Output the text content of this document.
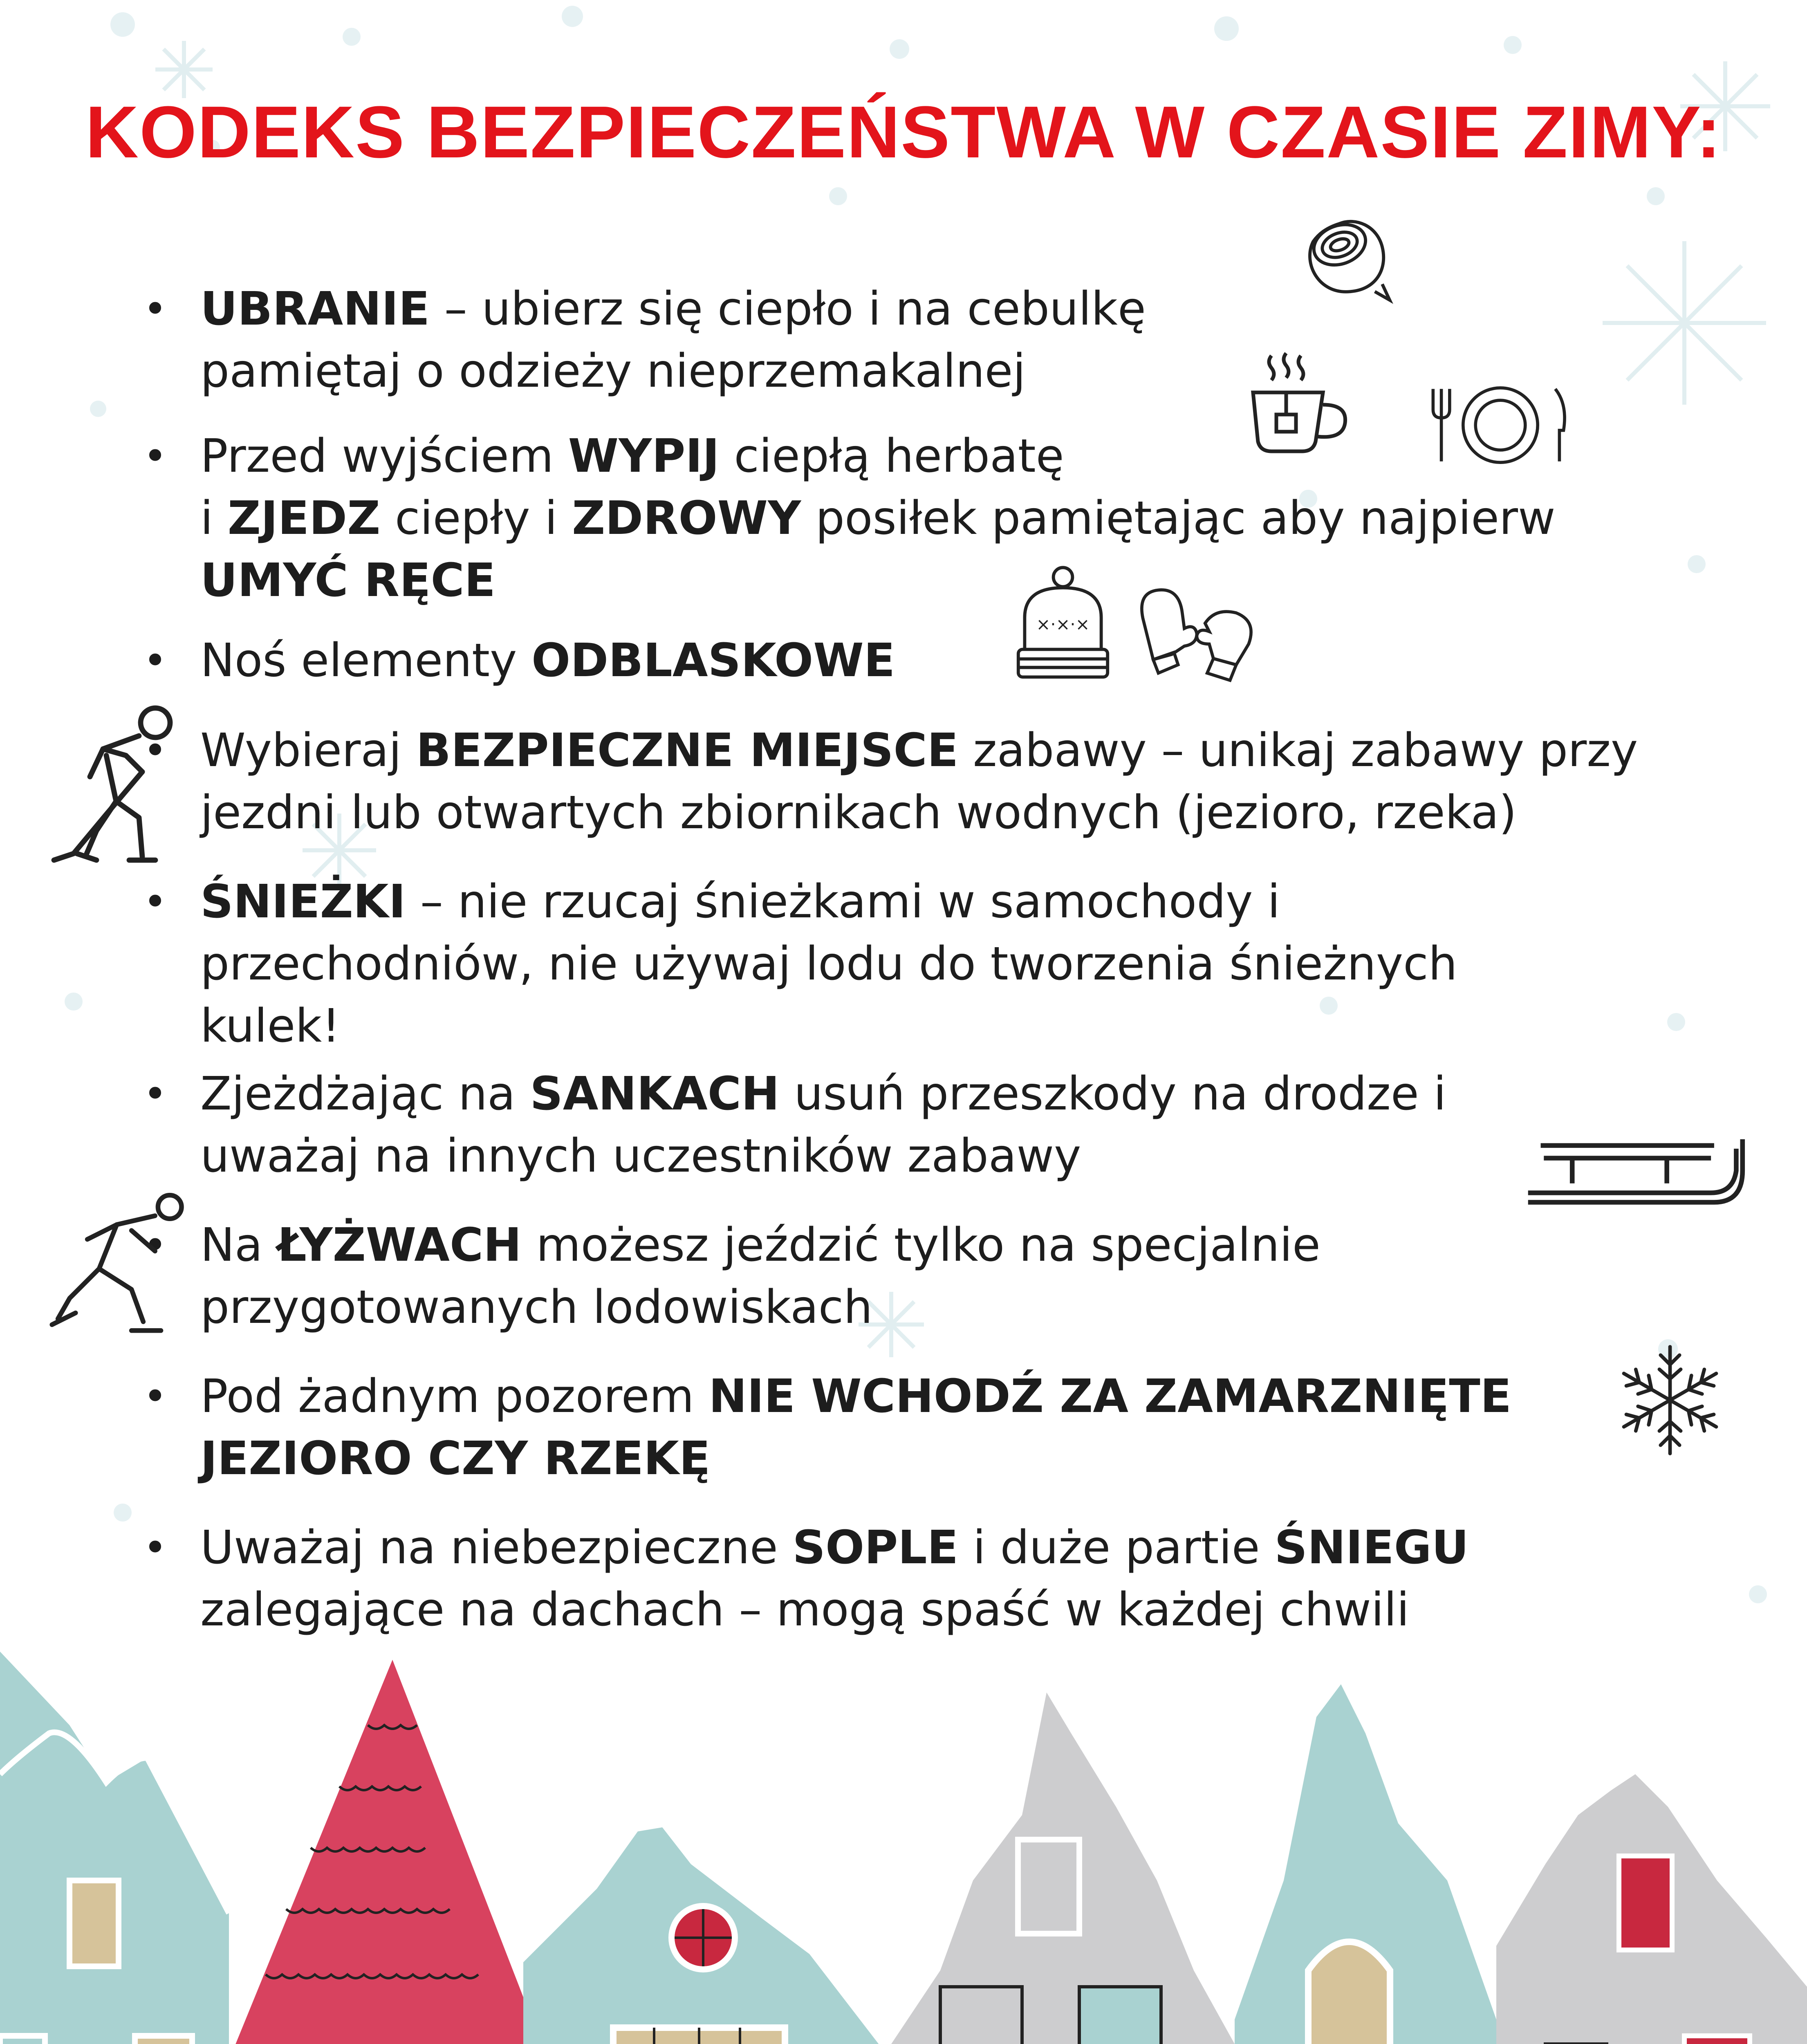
KODEKS BEZPIECZEŃSTWA W CZASIE ZIMY:
• UBRANIE – ubierz się ciepło i na cebulkę
pamiętaj o odzieży nieprzemakalnej
• Przed wyjściem WYPIJ ciepłą herbatę
i ZJEDZ ciepły i ZDROWY posiłek pamiętając aby najpierw
UMYĆ RĘCE
• Noś elementy ODBLASKOWE
• Wybieraj BEZPIECZNE MIEJSCE zabawy – unikaj zabawy przy
jezdni lub otwartych zbiornikach wodnych (jezioro, rzeka)
• ŚNIEŻKI – nie rzucaj śnieżkami w samochody i
przechodniów, nie używaj lodu do tworzenia śnieżnych
kulek!
• Zjeżdżając na SANKACH usuń przeszkody na drodze i
uważaj na innych uczestników zabawy
• Na ŁYŻWACH możesz jeździć tylko na specjalnie
przygotowanych lodowiskach
• Pod żadnym pozorem NIE WCHODŹ ZA ZAMARZNIĘTE
JEZIORO CZY RZEKĘ
• Uważaj na niebezpieczne SOPLE i duże partie ŚNIEGU
zalegające na dachach – mogą spaść w każdej chwili
×·×·×
